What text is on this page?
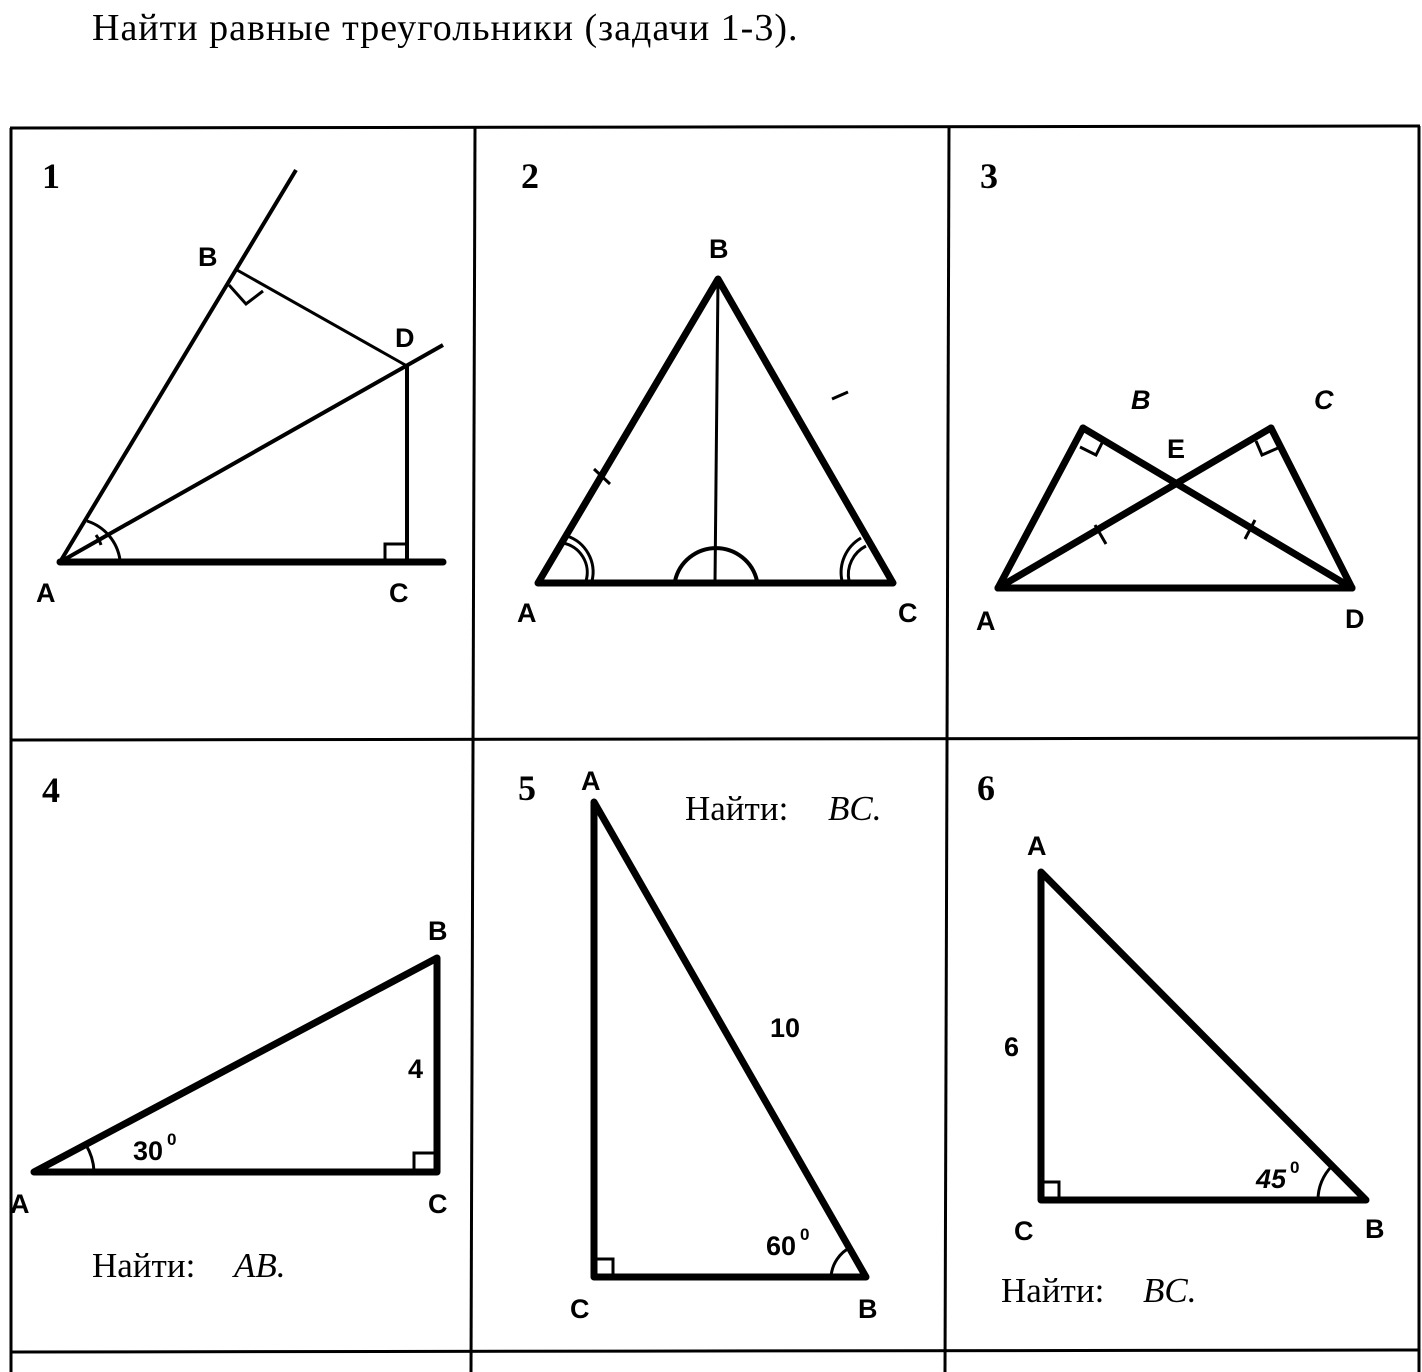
Найти равные треугольники (задачи 1-3).
1
A
B
C
D
2
A
B
C
3
A
B	C
D
E
4
30 0
4
A
B
C
Найти: AB.
5
60 0
10
A
B
C
Найти: BC.
6
45 0
6
A
B
C
Найти: BC.
